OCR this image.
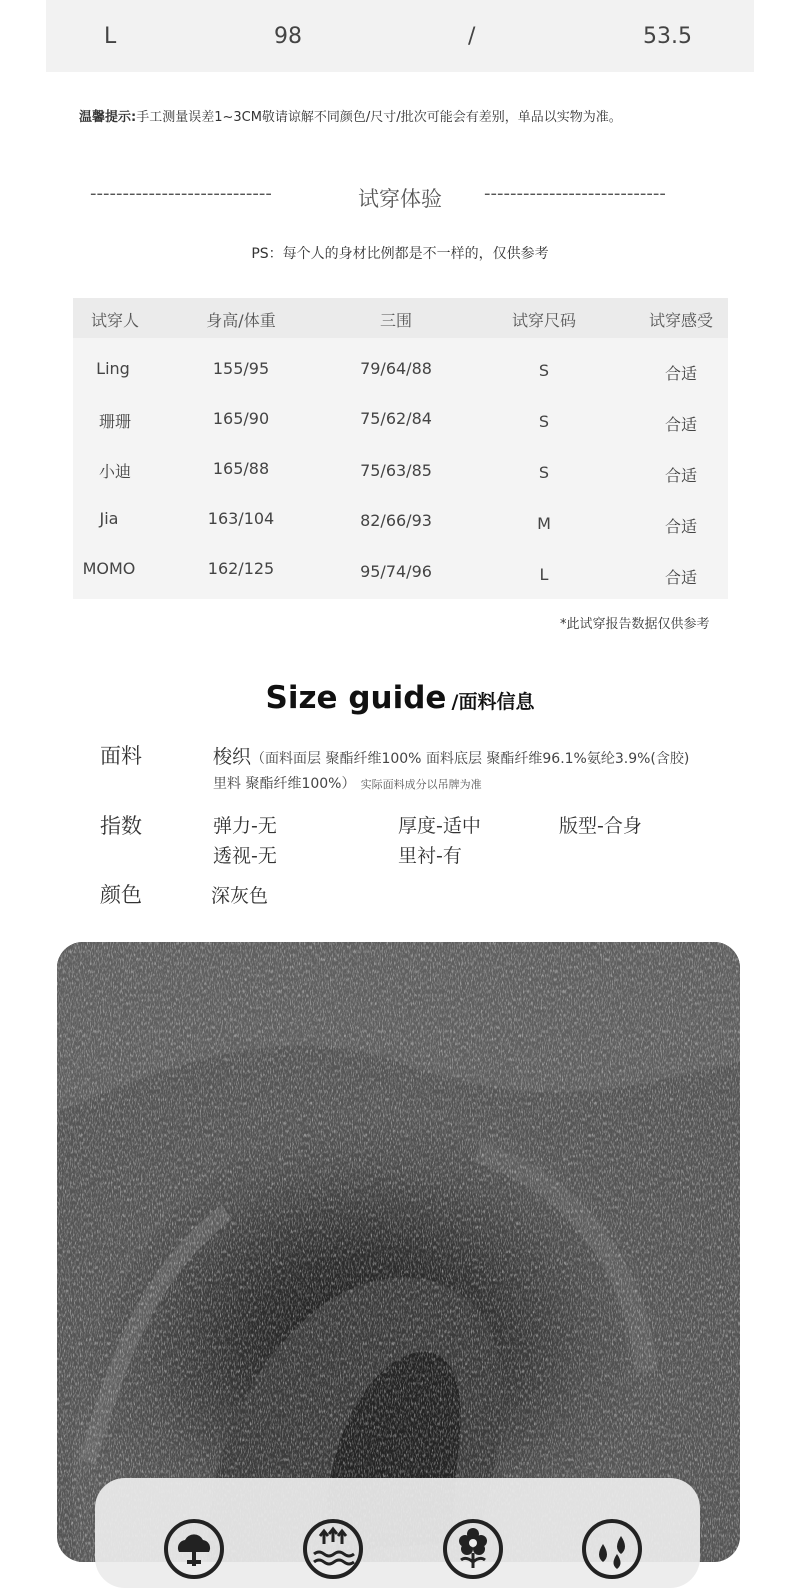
L	98	/	53.5
温馨提示:手工测量误差1~3CM敬请谅解不同颜色/尺寸/批次可能会有差别，单品以实物为准。
----------------------------	试穿体验	----------------------------
PS：每个人的身材比例都是不一样的，仅供参考
试穿人	身高/体重	三围	试穿尺码	试穿感受
Ling	155/95	79/64/88	S	合适
珊珊	165/90	75/62/84	S	合适
小迪	165/88	75/63/85	S	合适
Jia	163/104	82/66/93	M	合适
MOMO	162/125	95/74/96	L	合适
*此试穿报告数据仅供参考
Size guide /面料信息
面料	梭织（面料面层 聚酯纤维100% 面料底层 聚酯纤维96.1%氨纶3.9%(含胶)
里料 聚酯纤维100%） 实际面料成分以吊牌为准
指数	弹力-无	厚度-适中	版型-合身
透视-无	里衬-有
颜色	深灰色
